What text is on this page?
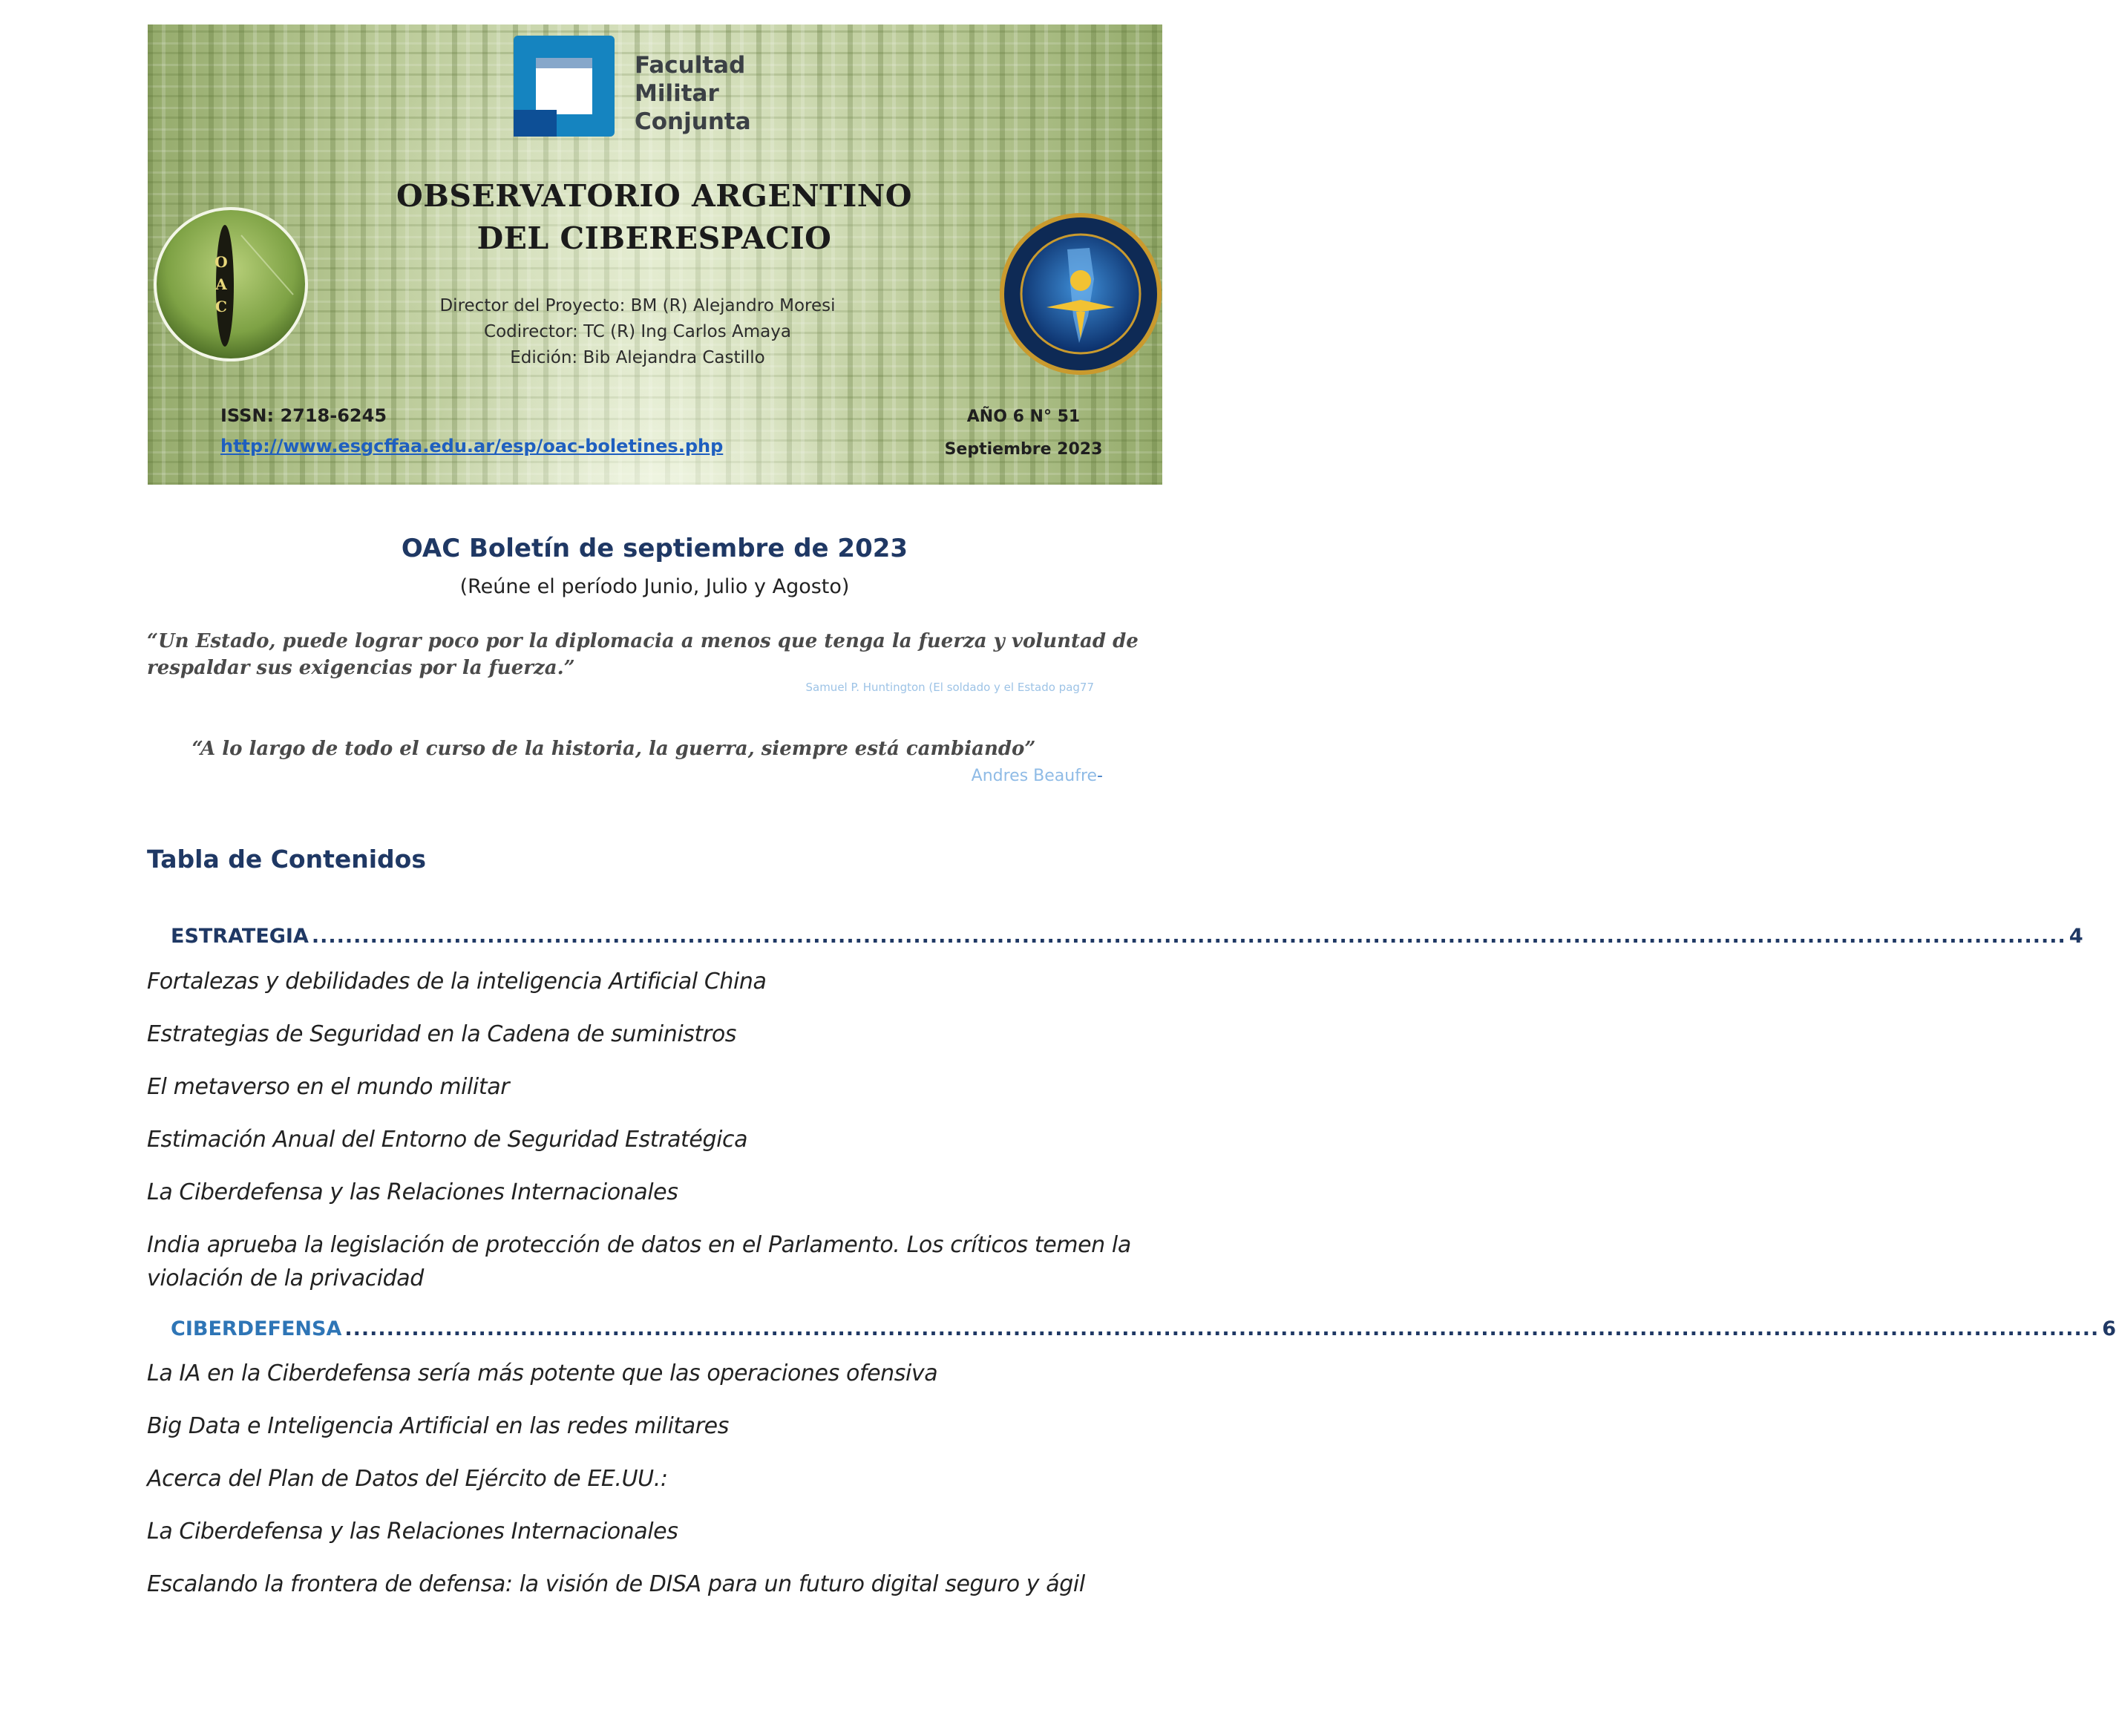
Facultad
Militar
Conjunta
OBSERVATORIO ARGENTINO
DEL CIBERESPACIO
Director del Proyecto: BM (R) Alejandro Moresi
Codirector: TC (R) Ing Carlos Amaya
Edición: Bib Alejandra Castillo
O
A
C
ISSN: 2718-6245
http://www.esgcffaa.edu.ar/esp/oac-boletines.php
AÑO 6 N° 51
Septiembre 2023
OAC Boletín de septiembre de 2023
(Reúne el período Junio, Julio y Agosto)
“Un Estado, puede lograr poco por la diplomacia a menos que tenga la fuerza y voluntad de respaldar sus exigencias por la fuerza.”
Samuel P. Huntington (El soldado y el Estado pag77
“A lo largo de todo el curso de la historia, la guerra, siempre está cambiando”
Andres Beaufre-
Tabla de Contenidos
ESTRATEGIA .................................................................................................................................................................................................................. 4
Fortalezas y debilidades de la inteligencia Artificial China
Estrategias de Seguridad en la Cadena de suministros
El metaverso en el mundo militar
Estimación Anual del Entorno de Seguridad Estratégica
La Ciberdefensa y las Relaciones Internacionales
India aprueba la legislación de protección de datos en el Parlamento. Los críticos temen la violación de la privacidad
CIBERDEFENSA .................................................................................................................................................................................................................. 6
La IA en la Ciberdefensa sería más potente que las operaciones ofensiva
Big Data e Inteligencia Artificial en las redes militares
Acerca del Plan de Datos del Ejército de EE.UU.:
La Ciberdefensa y las Relaciones Internacionales
Escalando la frontera de defensa: la visión de DISA para un futuro digital seguro y ágil
